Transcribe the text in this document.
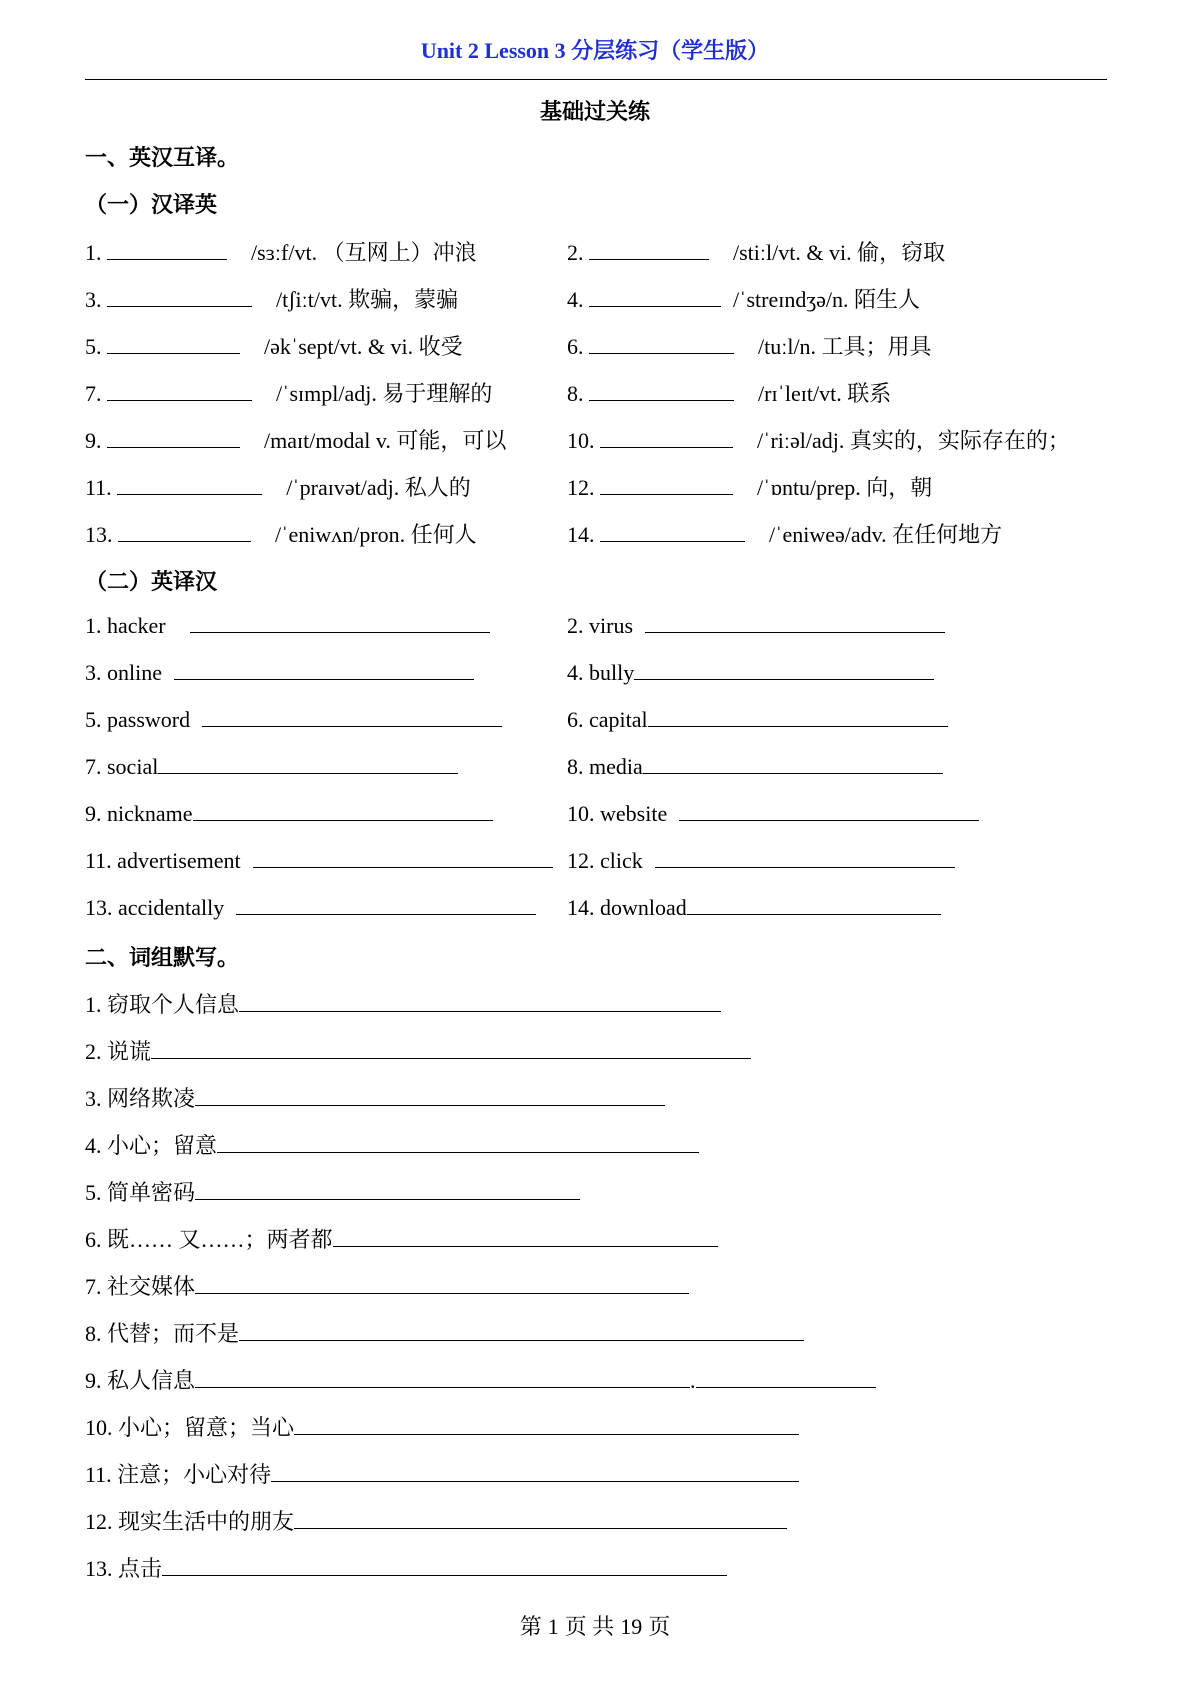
Unit 2 Lesson 3 分层练习（学生版）
基础过关练
一、英汉互译。
（一）汉译英
1.	/sɜːf/vt. （互网上）冲浪	2.	/stiːl/vt. & vi. 偷，窃取
3.	/tʃiːt/vt. 欺骗，蒙骗	4.	/ˈstreɪndʒə/n. 陌生人
5.	/əkˈsept/vt. & vi. 收受	6.	/tuːl/n. 工具；用具
7.	/ˈsɪmpl/adj. 易于理解的	8.	/rɪˈleɪt/vt. 联系
9.	/maɪt/modal v. 可能，可以	10.	/ˈriːəl/adj. 真实的，实际存在的；
11.	/ˈpraɪvət/adj. 私人的	12.	/ˈɒntu/prep. 向，朝
13.	/ˈeniwʌn/pron. 任何人	14.	/ˈeniweə/adv. 在任何地方
（二）英译汉
1. hacker	2. virus
3. online	4. bully
5. password	6. capital
7. social	8. media
9. nickname	10. website
11. advertisement	12. click
13. accidentally	14. download
二、词组默写。
1. 窃取个人信息
2. 说谎
3. 网络欺凌
4. 小心；留意
5. 简单密码
6. 既…… 又……；两者都
7. 社交媒体
8. 代替；而不是
9. 私人信息	.
10. 小心；留意；当心
11. 注意；小心对待
12. 现实生活中的朋友
13. 点击
第 1 页 共 19 页
